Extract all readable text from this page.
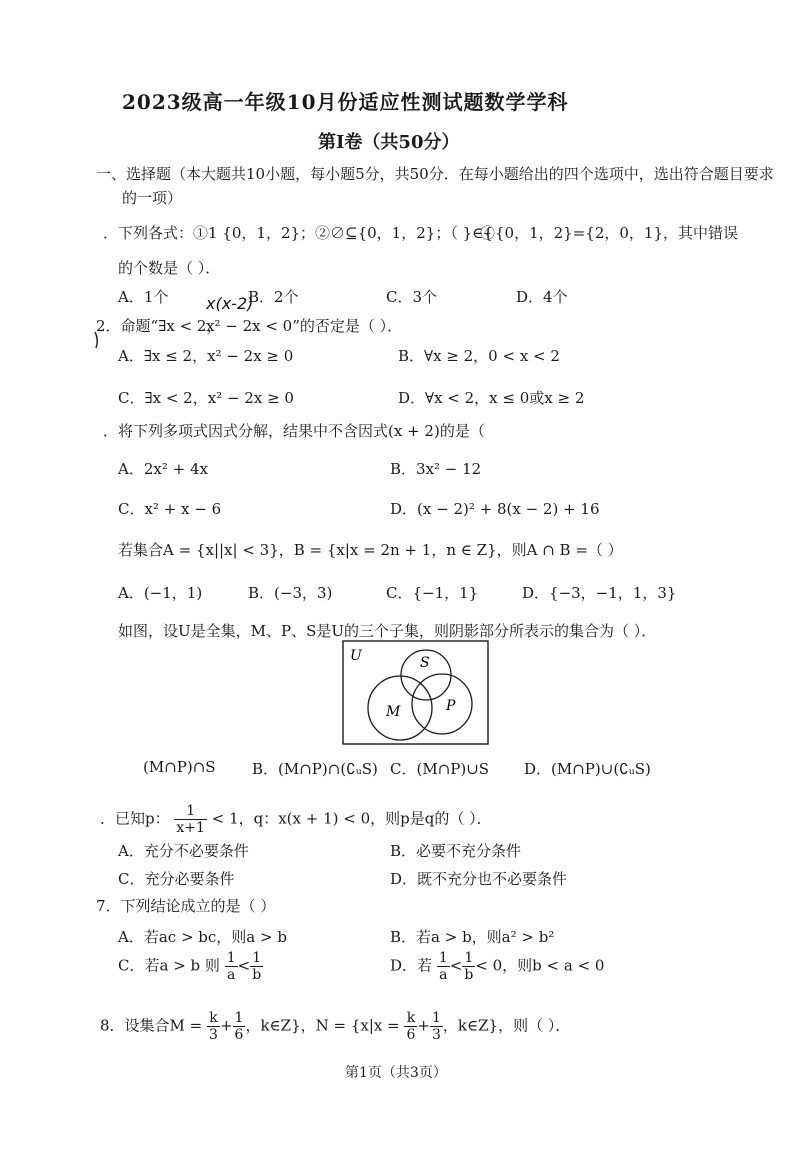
2023级高一年级10月份适应性测试题数学学科
第Ⅰ卷（共50分）
一、选择题（本大题共10小题，每小题5分，共50分．在每小题给出的四个选项中，选出符合题目要求
的一项）
．下列各式：①1 {0，1，2}；②∅⊆{0，1，2}；（ }∈{
④{0，1，2}={2，0，1}，其中错误
的个数是（ ）．
A．1个	B．2个	C．3个	D．4个
x(x-2)
2．命题“∃x < 2，
x² − 2x < 0”的否定是（ ）．
A．∃x ≤ 2，x² − 2x ≥ 0	B．∀x ≥ 2，0 < x < 2
C．∃x < 2，x² − 2x ≥ 0	D．∀x < 2，x ≤ 0或x ≥ 2
．将下列多项式因式分解，结果中不含因式(x + 2)的是（
A．2x² + 4x	B．3x² − 12
C．x² + x − 6	D．(x − 2)² + 8(x − 2) + 16
若集合A = {x||x| < 3}，B = {x|x = 2n + 1，n ∈ Z}，则A ∩ B =（ ）
A．(−1，1)	B．(−3，3)	C．{−1，1}	D．{−3，−1，1，3}
如图，设U是全集，M、P、S是U的三个子集，则阴影部分所表示的集合为（ ）．
U	S
M	P
(M∩P)∩S B．(M∩P)∩(∁ᵤS) C．(M∩P)∪S D．(M∩P)∪(∁ᵤS)
．已知p： $\frac{1}{x+1} < 1$，q：x(x + 1) < 0，则p是q的（ ）．
A．充分不必要条件	B．必要不充分条件
C．充分必要条件	D．既不充分也不必要条件
7．下列结论成立的是（ ）
A．若ac > bc，则a > b	B．若a > b，则a² > b²
C．若a > b 则 $\frac{1}{a} < \frac{1}{b}$	D．若 $\frac{1}{a} < \frac{1}{b} < 0$，则b < a < 0
8．设集合$M = \frac{k}{3} + \frac{1}{6}$ ，k∈Z}，$N = \{x|x = \frac{k}{6} + \frac{1}{3}$ ，k∈Z}，则（ ）．
第1页（共3页）
